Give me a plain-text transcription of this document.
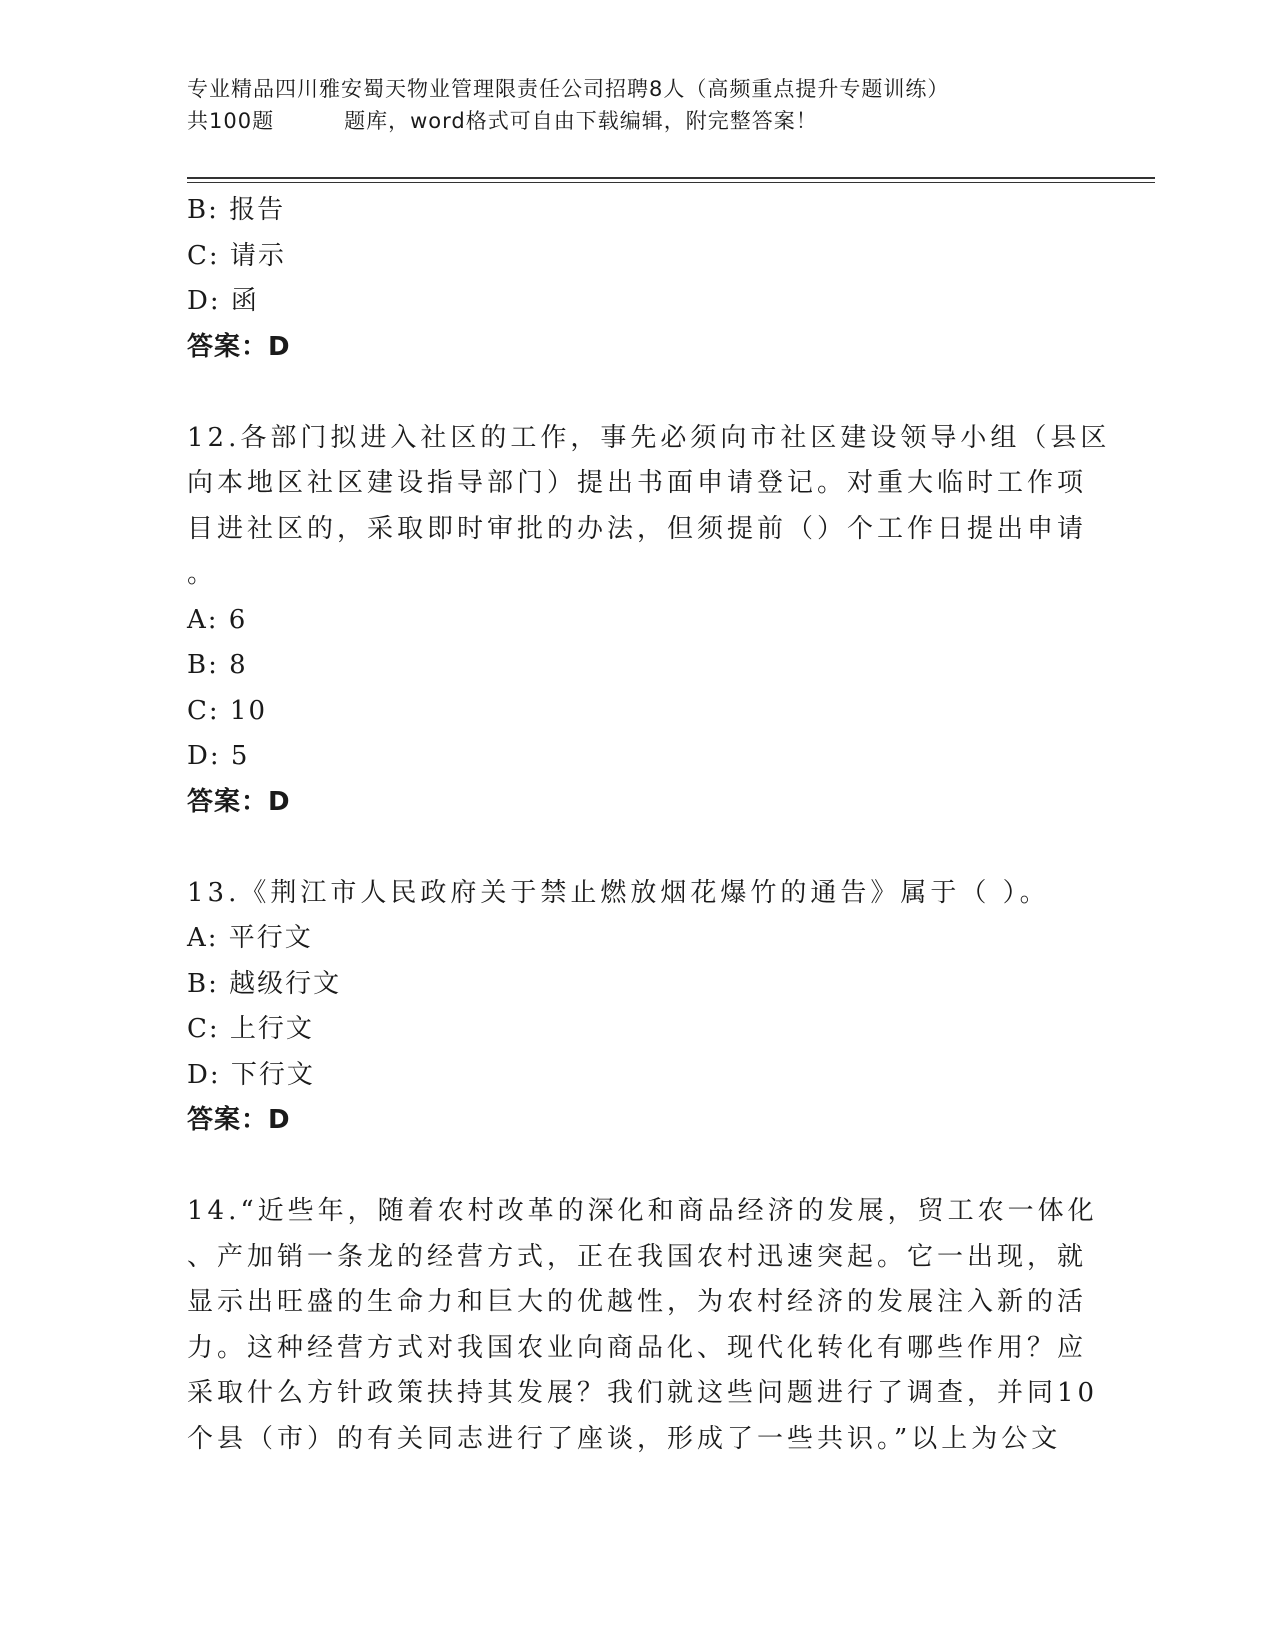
专业精品四川雅安蜀天物业管理限责任公司招聘8人（高频重点提升专题训练）
共100题	题库，word格式可自由下载编辑，附完整答案！
B: 报告
C: 请示
D: 函
答案：D
12.各部门拟进入社区的工作，事先必须向市社区建设领导小组（县区
向本地区社区建设指导部门）提出书面申请登记。对重大临时工作项
目进社区的，采取即时审批的办法，但须提前（）个工作日提出申请
。
A: 6
B: 8
C: 10
D: 5
答案：D
13.《荆江市人民政府关于禁止燃放烟花爆竹的通告》属于（ ）。
A: 平行文
B: 越级行文
C: 上行文
D: 下行文
答案：D
14.“近些年，随着农村改革的深化和商品经济的发展，贸工农一体化
、产加销一条龙的经营方式，正在我国农村迅速突起。它一出现，就
显示出旺盛的生命力和巨大的优越性，为农村经济的发展注入新的活
力。这种经营方式对我国农业向商品化、现代化转化有哪些作用？应
采取什么方针政策扶持其发展？我们就这些问题进行了调查，并同10
个县（市）的有关同志进行了座谈，形成了一些共识。”以上为公文
